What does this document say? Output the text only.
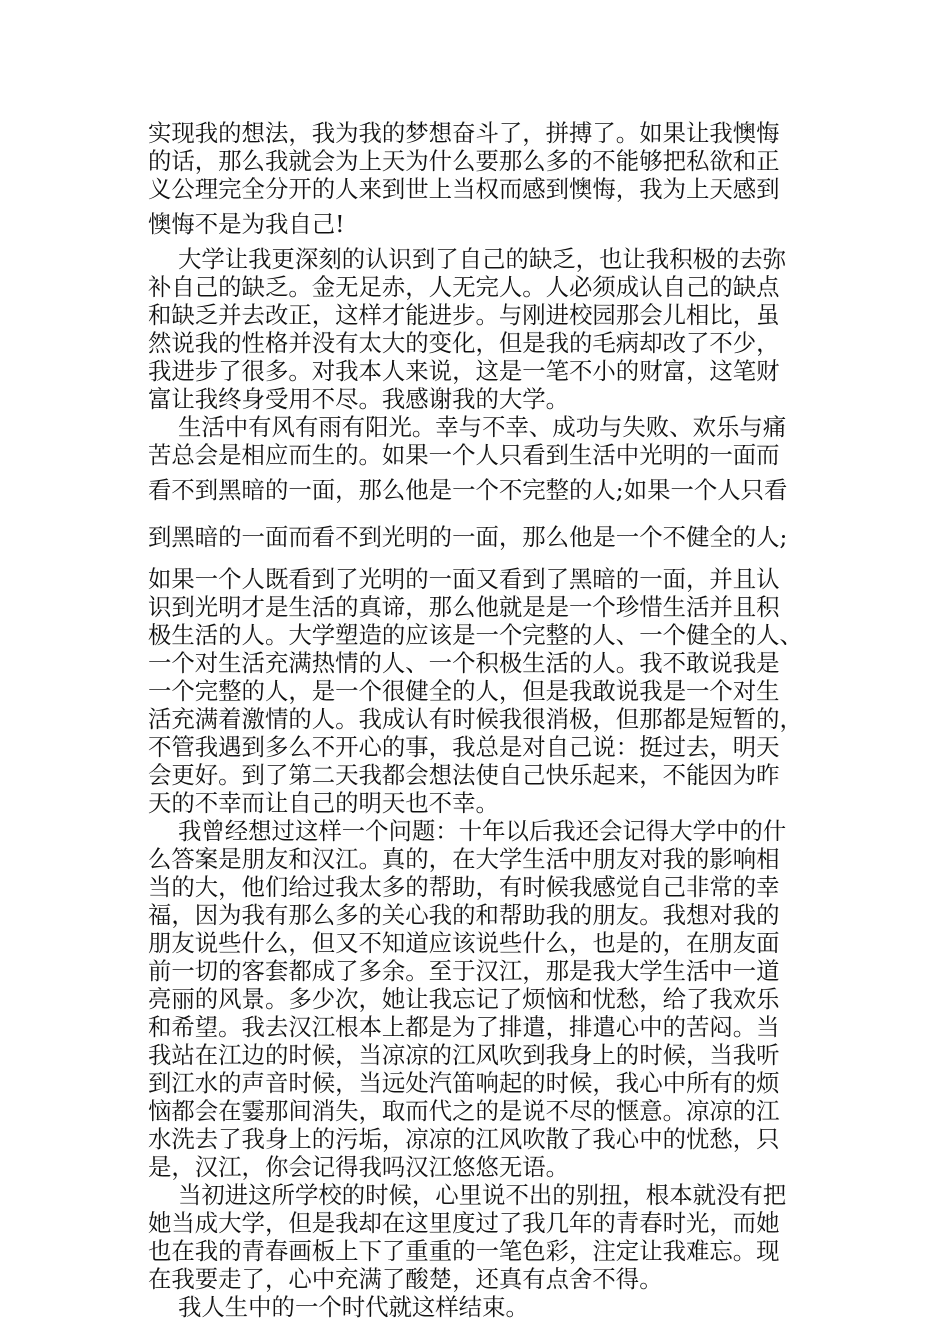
实现我的想法，我为我的梦想奋斗了，拼搏了。如果让我懊悔
的话，那么我就会为上天为什么要那么多的不能够把私欲和正
义公理完全分开的人来到世上当权而感到懊悔，我为上天感到
懊悔不是为我自己!
大学让我更深刻的认识到了自己的缺乏，也让我积极的去弥
补自己的缺乏。金无足赤，人无完人。人必须成认自己的缺点
和缺乏并去改正，这样才能进步。与刚进校园那会儿相比，虽
然说我的性格并没有太大的变化，但是我的毛病却改了不少，
我进步了很多。对我本人来说，这是一笔不小的财富，这笔财
富让我终身受用不尽。我感谢我的大学。
生活中有风有雨有阳光。幸与不幸、成功与失败、欢乐与痛
苦总会是相应而生的。如果一个人只看到生活中光明的一面而
看不到黑暗的一面，那么他是一个不完整的人;如果一个人只看
到黑暗的一面而看不到光明的一面，那么他是一个不健全的人;
如果一个人既看到了光明的一面又看到了黑暗的一面，并且认
识到光明才是生活的真谛，那么他就是是一个珍惜生活并且积
极生活的人。大学塑造的应该是一个完整的人、一个健全的人、
一个对生活充满热情的人、一个积极生活的人。我不敢说我是
一个完整的人，是一个很健全的人，但是我敢说我是一个对生
活充满着激情的人。我成认有时候我很消极，但那都是短暂的，
不管我遇到多么不开心的事，我总是对自己说：挺过去，明天
会更好。到了第二天我都会想法使自己快乐起来，不能因为昨
天的不幸而让自己的明天也不幸。
我曾经想过这样一个问题：十年以后我还会记得大学中的什
么答案是朋友和汉江。真的，在大学生活中朋友对我的影响相
当的大，他们给过我太多的帮助，有时候我感觉自己非常的幸
福，因为我有那么多的关心我的和帮助我的朋友。我想对我的
朋友说些什么，但又不知道应该说些什么，也是的，在朋友面
前一切的客套都成了多余。至于汉江，那是我大学生活中一道
亮丽的风景。多少次，她让我忘记了烦恼和忧愁，给了我欢乐
和希望。我去汉江根本上都是为了排遣，排遣心中的苦闷。当
我站在江边的时候，当凉凉的江风吹到我身上的时候，当我听
到江水的声音时候，当远处汽笛响起的时候，我心中所有的烦
恼都会在霎那间消失，取而代之的是说不尽的惬意。凉凉的江
水洗去了我身上的污垢，凉凉的江风吹散了我心中的忧愁，只
是，汉江，你会记得我吗汉江悠悠无语。
当初进这所学校的时候，心里说不出的别扭，根本就没有把
她当成大学，但是我却在这里度过了我几年的青春时光，而她
也在我的青春画板上下了重重的一笔色彩，注定让我难忘。现
在我要走了，心中充满了酸楚，还真有点舍不得。
我人生中的一个时代就这样结束。
